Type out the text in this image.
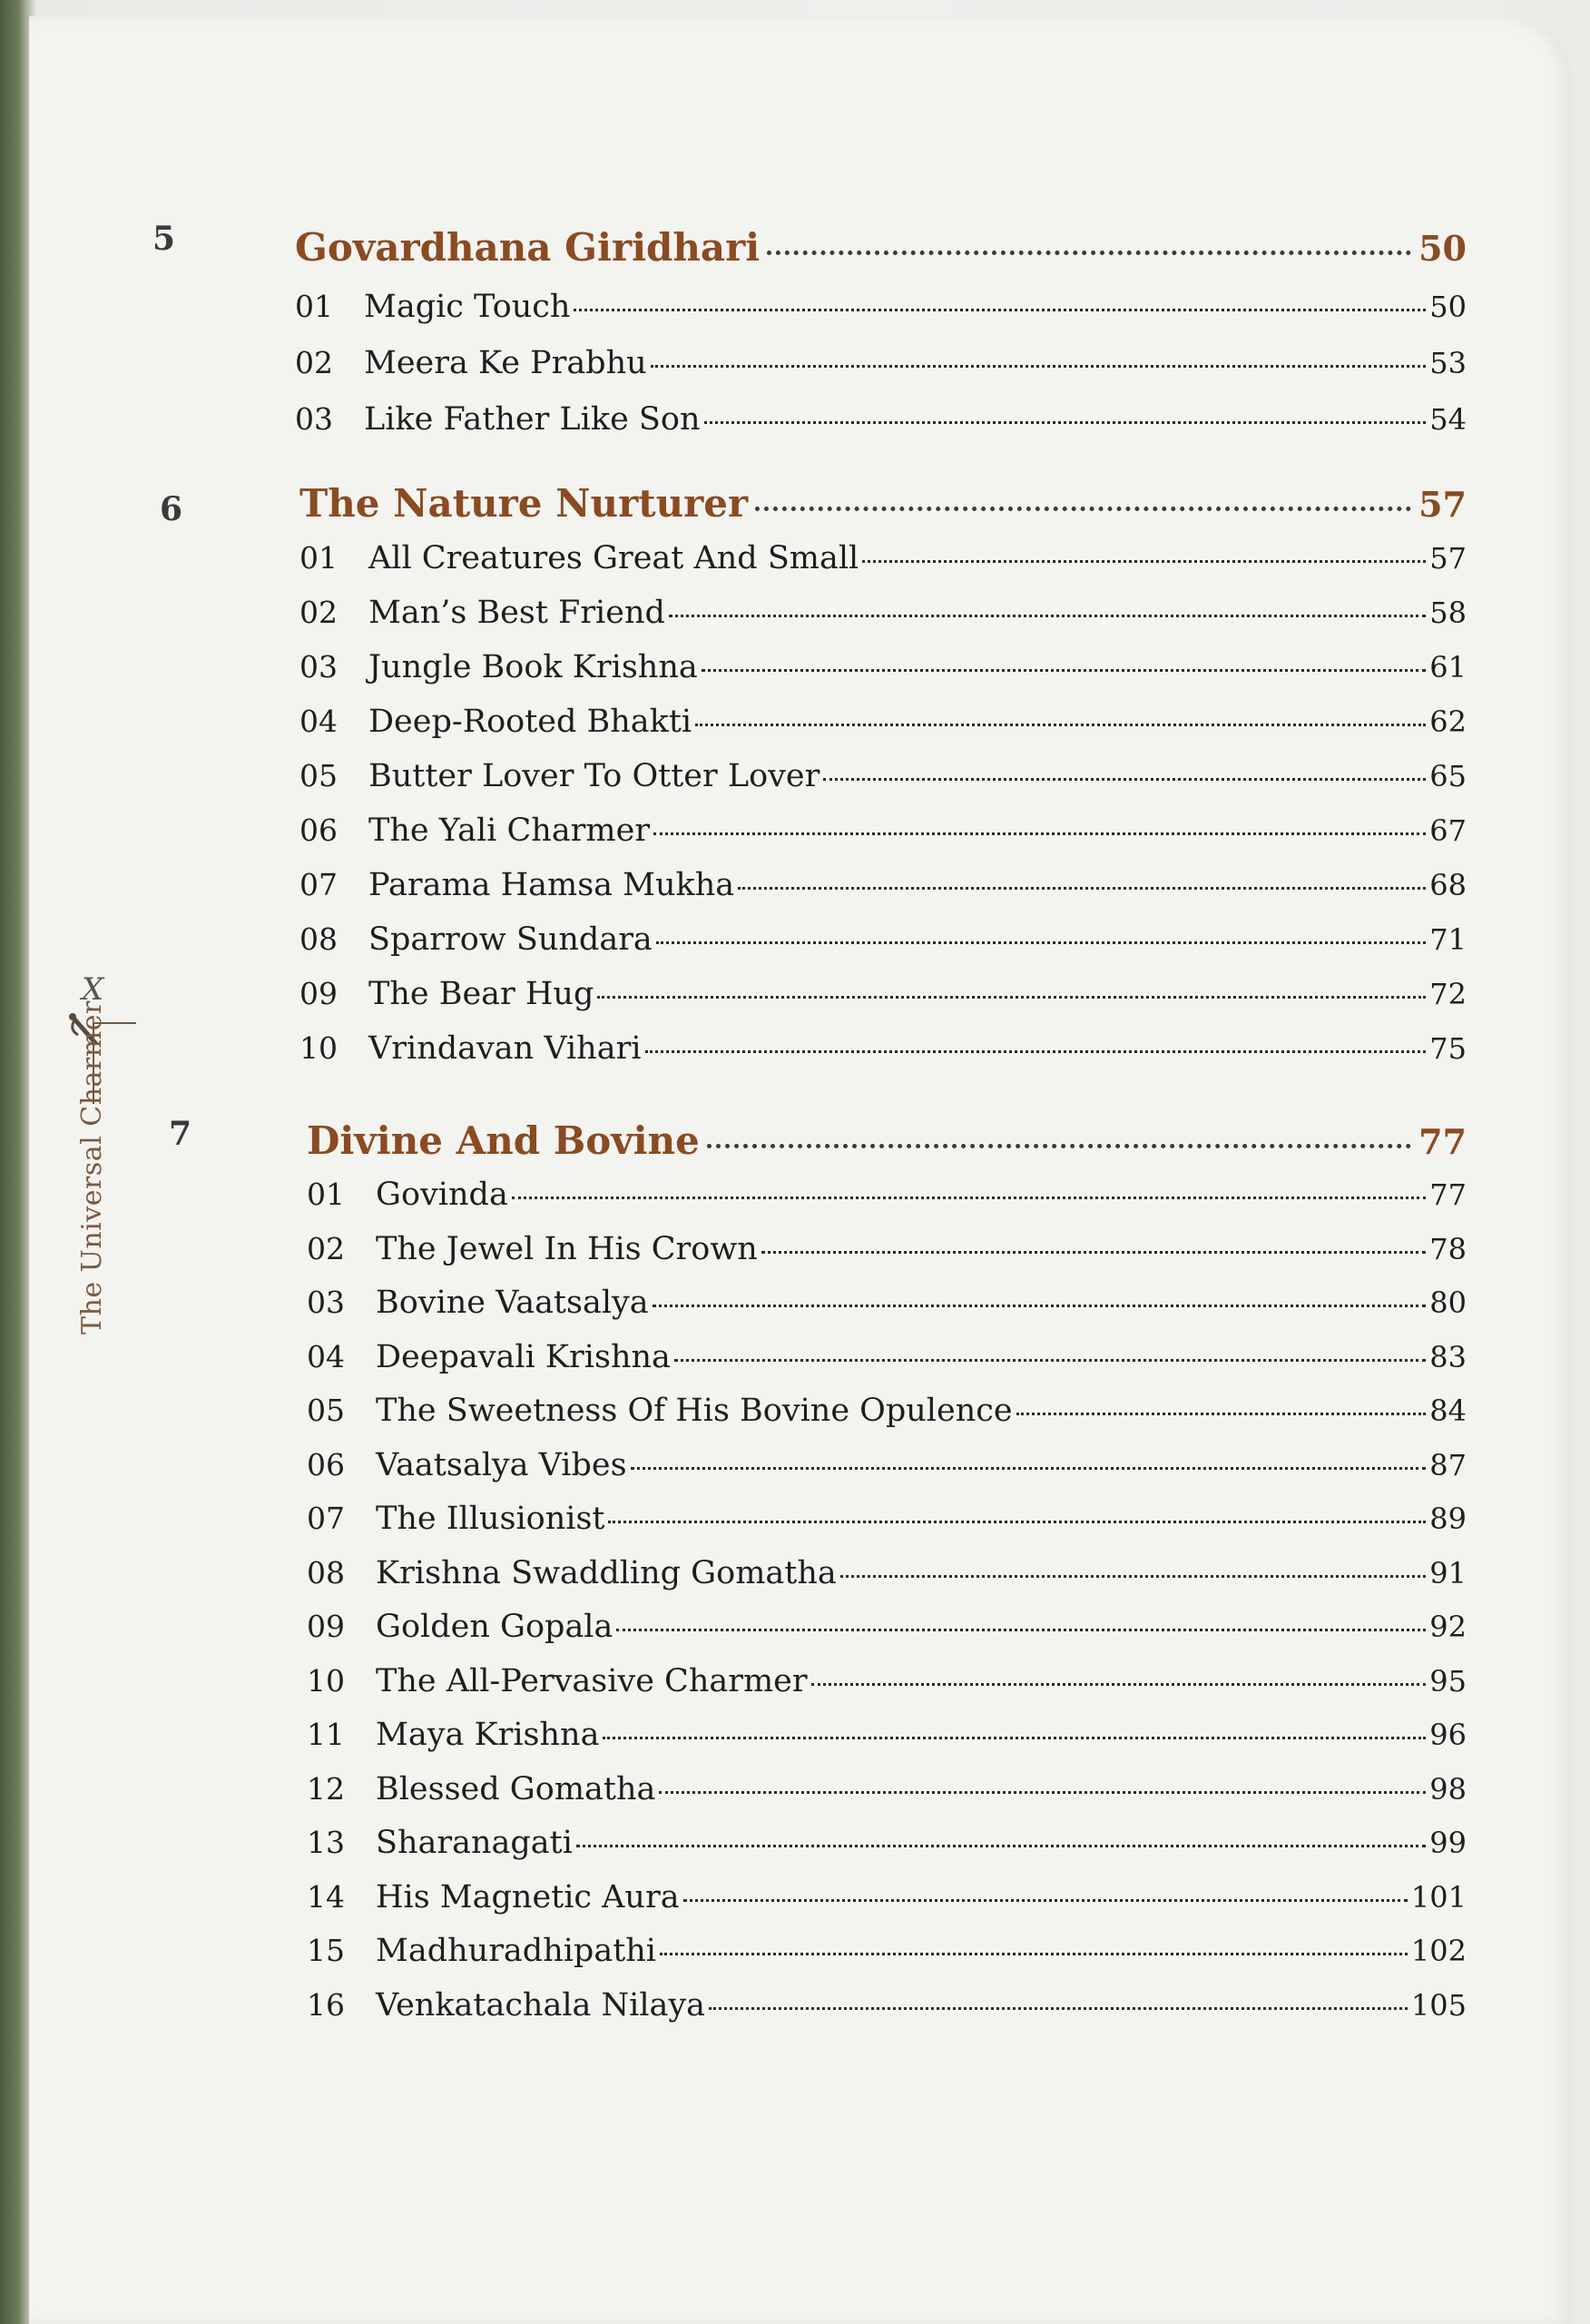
X
The Universal Charmer
5	Govardhana Giridhari	50
01 Magic Touch	50
02 Meera Ke Prabhu	53
03 Like Father Like Son	54
6	The Nature Nurturer	57
01 All Creatures Great And Small	57
02 Man’s Best Friend	58
03 Jungle Book Krishna	61
04 Deep-Rooted Bhakti	62
05 Butter Lover To Otter Lover	65
06 The Yali Charmer	67
07 Parama Hamsa Mukha	68
08 Sparrow Sundara	71
09 The Bear Hug	72
10 Vrindavan Vihari	75
7	Divine And Bovine	77
01 Govinda	77
02 The Jewel In His Crown	78
03 Bovine Vaatsalya	80
04 Deepavali Krishna	83
05 The Sweetness Of His Bovine Opulence	84
06 Vaatsalya Vibes	87
07 The Illusionist	89
08 Krishna Swaddling Gomatha	91
09 Golden Gopala	92
10 The All-Pervasive Charmer	95
11 Maya Krishna	96
12 Blessed Gomatha	98
13 Sharanagati	99
14 His Magnetic Aura	101
15 Madhuradhipathi	102
16 Venkatachala Nilaya	105
